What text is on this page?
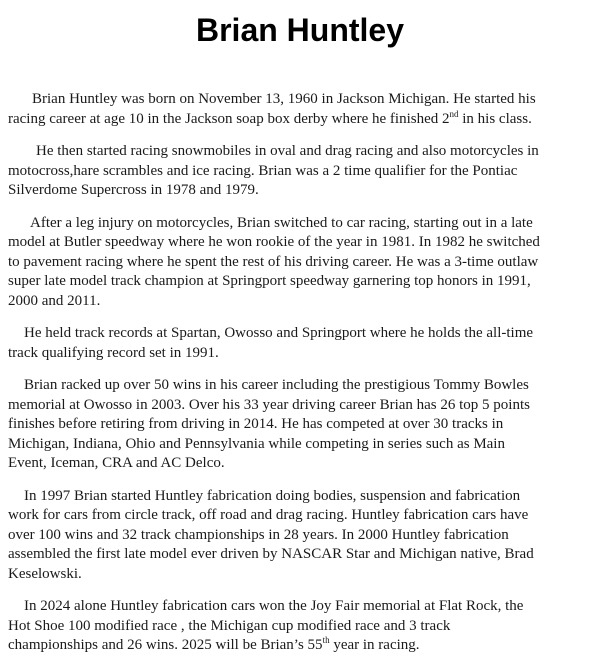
Brian Huntley

Brian Huntley was born on November 13, 1960 in Jackson Michigan. He started his
racing career at age 10 in the Jackson soap box derby where he finished 2nd in his class.

He then started racing snowmobiles in oval and drag racing and also motorcycles in
motocross,hare scrambles and ice racing. Brian was a 2 time qualifier for the Pontiac
Silverdome Supercross in 1978 and 1979.

After a leg injury on motorcycles, Brian switched to car racing, starting out in a late
model at Butler speedway where he won rookie of the year in 1981. In 1982 he switched
to pavement racing where he spent the rest of his driving career. He was a 3-time outlaw
super late model track champion at Springport speedway garnering top honors in 1991,
2000 and 2011.

He held track records at Spartan, Owosso and Springport where he holds the all-time
track qualifying record set in 1991.

Brian racked up over 50 wins in his career including the prestigious Tommy Bowles
memorial at Owosso in 2003. Over his 33 year driving career Brian has 26 top 5 points
finishes before retiring from driving in 2014. He has competed at over 30 tracks in
Michigan, Indiana, Ohio and Pennsylvania while competing in series such as Main
Event, Iceman, CRA and AC Delco.

In 1997 Brian started Huntley fabrication doing bodies, suspension and fabrication
work for cars from circle track, off road and drag racing. Huntley fabrication cars have
over 100 wins and 32 track championships in 28 years. In 2000 Huntley fabrication
assembled the first late model ever driven by NASCAR Star and Michigan native, Brad
Keselowski.

In 2024 alone Huntley fabrication cars won the Joy Fair memorial at Flat Rock, the
Hot Shoe 100 modified race , the Michigan cup modified race and 3 track
championships and 26 wins. 2025 will be Brian’s 55th year in racing.
